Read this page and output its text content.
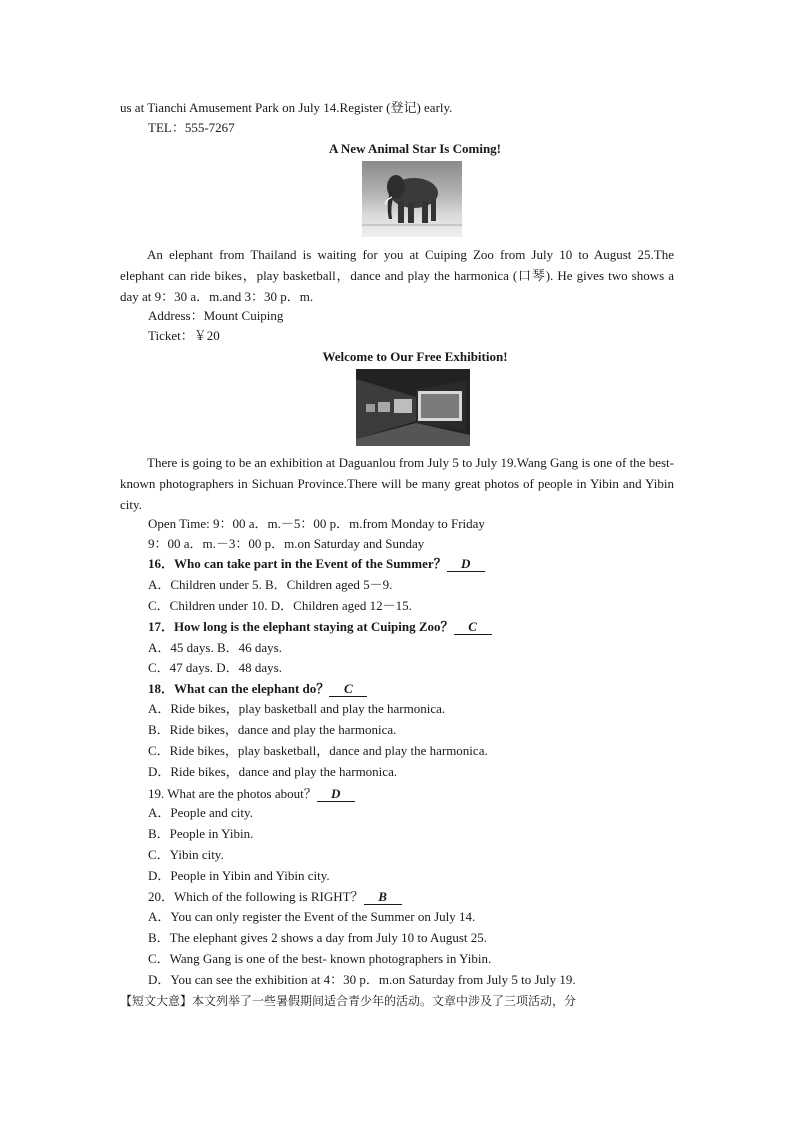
us at Tianchi Amusement Park on July 14.Register (登记) early.
TEL：555-7267
A New Animal Star Is Coming!
An elephant from Thailand is waiting for you at Cuiping Zoo from July 10 to August 25.The elephant can ride bikes，play basketball，dance and play the harmonica (口琴). He gives two shows a day at 9：30 a．m.and 3：30 p．m.
Address：Mount Cuiping
Ticket：￥20
Welcome to Our Free Exhibition!
There is going to be an exhibition at Daguanlou from July 5 to July 19.Wang Gang is one of the best- known photographers in Sichuan Province.There will be many great photos of people in Yibin and Yibin city.
Open Time: 9：00 a．m.－5：00 p．m.from Monday to Friday
9：00 a．m.－3：00 p．m.on Saturday and Sunday
16．Who can take part in the Event of the Summer？ D
A．Children under 5. B．Children aged 5－9.
C．Children under 10. D．Children aged 12－15.
17．How long is the elephant staying at Cuiping Zoo？ C
A．45 days. B．46 days.
C．47 days. D．48 days.
18．What can the elephant do？ C
A．Ride bikes，play basketball and play the harmonica.
B．Ride bikes，dance and play the harmonica.
C．Ride bikes，play basketball，dance and play the harmonica.
D．Ride bikes，dance and play the harmonica.
19. What are the photos about？ D
A．People and city.
B．People in Yibin.
C．Yibin city.
D．People in Yibin and Yibin city.
20．Which of the following is RIGHT？ B
A．You can only register the Event of the Summer on July 14.
B．The elephant gives 2 shows a day from July 10 to August 25.
C．Wang Gang is one of the best- known photographers in Yibin.
D．You can see the exhibition at 4：30 p．m.on Saturday from July 5 to July 19.
【短文大意】本文列举了一些暑假期间适合青少年的活动。文章中涉及了三项活动，分
